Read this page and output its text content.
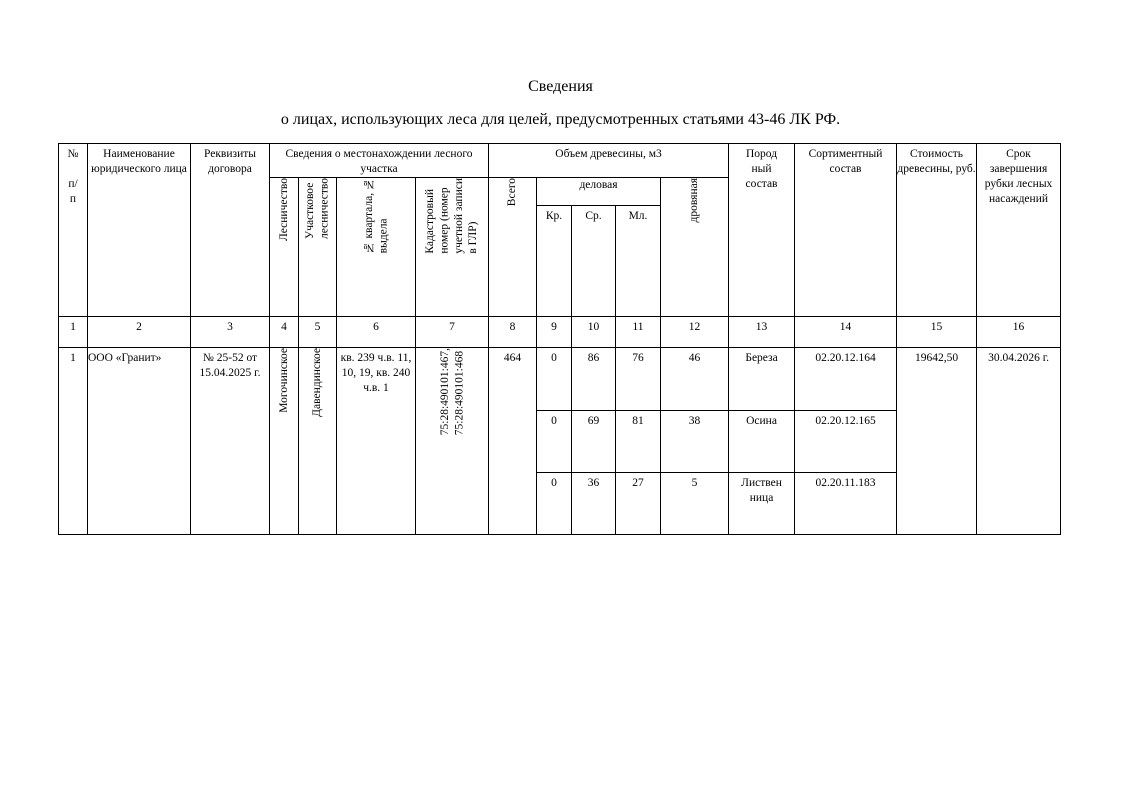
Сведения
о лицах, использующих леса для целей, предусмотренных статьями 43-46 ЛК РФ.
№

п/
п	Наименование юридического лица	Реквизиты договора	Сведения о местонахождении лесного участка				Объем древесины, м3					Пород
ный
состав	Сортиментный состав	Стоимость древесины, руб.	Срок завершения рубки лесных насаждений
			Лесничество	Участковое
лесничество	№ квартала, №
выдела	Кадастровый
номер (номер
учетной записи
в ГЛР)	Всего	деловая			дровяная				
								Кр.	Ср.	Мл.					
1	2	3	4	5	6	7	8	9	10	11	12	13	14	15	16
1	ООО «Гранит»	№ 25-52 от 15.04.2025 г.	Могочинское	Давендинское	кв. 239 ч.в. 11, 10, 19, кв. 240 ч.в. 1	75:28:490101:467,
75:28:490101:468	464	0	86	76	46	Береза	02.20.12.164	19642,50	30.04.2026 г.
								0	69	81	38	Осина	02.20.12.165		
								0	36	27	5	Листвен
ница	02.20.11.183		
